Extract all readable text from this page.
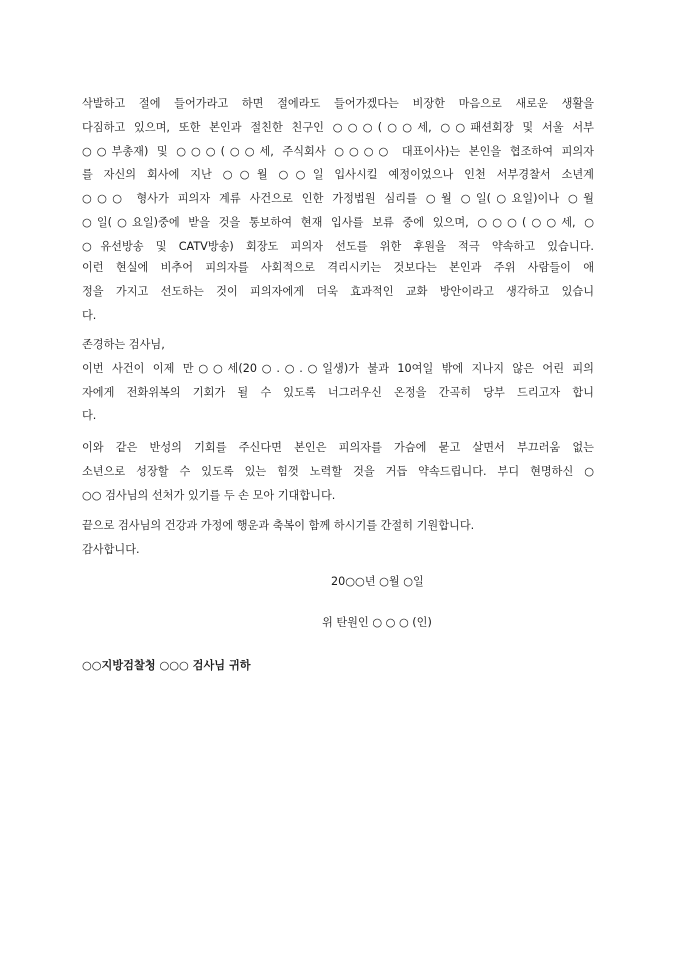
삭발하고 절에 들어가라고 하면 절에라도 들어가겠다는 비장한 마음으로 새로운 생활을
다짐하고 있으며, 또한 본인과 절친한 친구인 ○○○(○○세, ○○패션회장 및 서울 서부
○○부총재) 및 ○○○(○○세, 주식회사 ○○○○ 대표이사)는 본인을 협조하여 피의자
를 자신의 회사에 지난 ○○월 ○○일 입사시킬 예정이었으나 인천 서부경찰서 소년계
○○○ 형사가 피의자 계류 사건으로 인한 가정법원 심리를 ○월 ○일(○요일)이나 ○월
○일(○요일)중에 받을 것을 통보하여 현재 입사를 보류 중에 있으며, ○○○(○○세, ○
○유선방송 및 CATV방송) 회장도 피의자 선도를 위한 후원을 적극 약속하고 있습니다.
이런 현실에 비추어 피의자를 사회적으로 격리시키는 것보다는 본인과 주위 사람들이 애
정을 가지고 선도하는 것이 피의자에게 더욱 효과적인 교화 방안이라고 생각하고 있습니
다.
존경하는 검사님,
이번 사건이 이제 만○○세(20○.○.○일생)가 불과 10여일 밖에 지나지 않은 어린 피의
자에게 전화위복의 기회가 될 수 있도록 너그러우신 온정을 간곡히 당부 드리고자 합니
다.
이와 같은 반성의 기회를 주신다면 본인은 피의자를 가슴에 묻고 살면서 부끄러움 없는
소년으로 성장할 수 있도록 있는 힘껏 노력할 것을 거듭 약속드립니다. 부디 현명하신 ○
○○ 검사님의 선처가 있기를 두 손 모아 기대합니다.
끝으로 검사님의 건강과 가정에 행운과 축복이 함께 하시기를 간절히 기원합니다.
감사합니다.
20○○년 ○월 ○일
위 탄원인 ○ ○ ○ (인)
○○지방검찰청 ○○○ 검사님 귀하
